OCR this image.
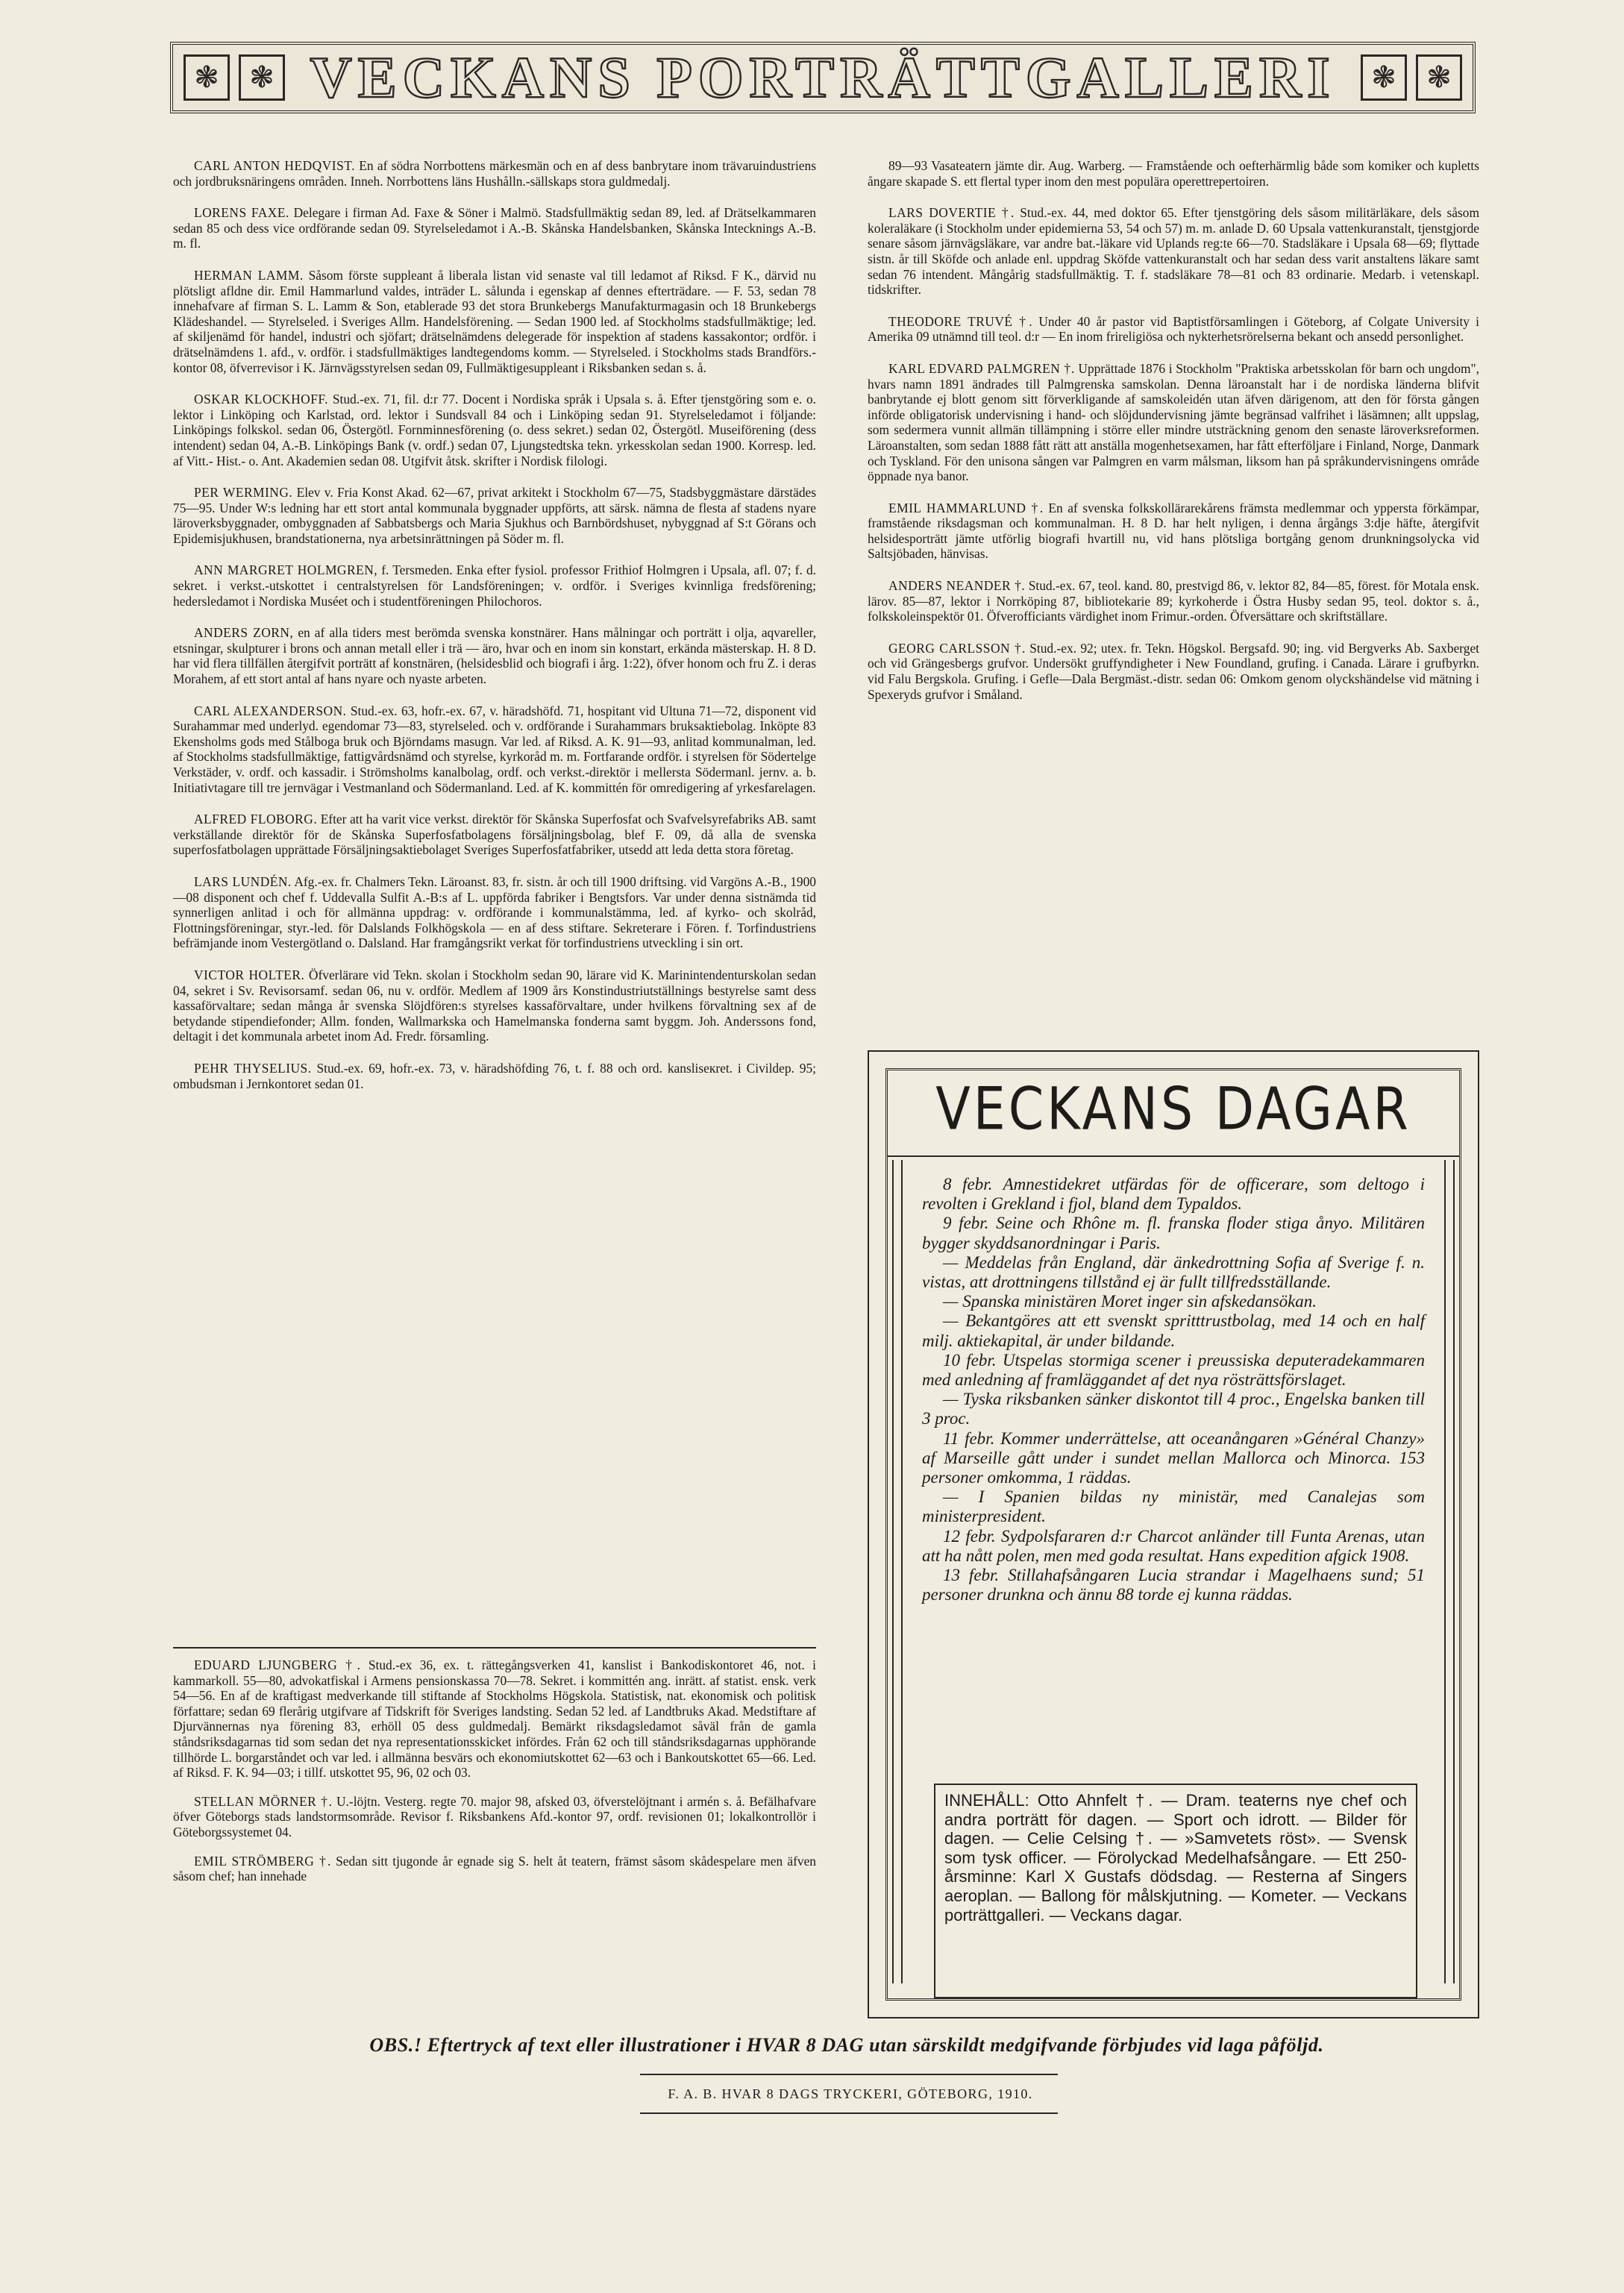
❃	❃ VECKANS PORTRÄTTGALLERI	❃	❃

CARL ANTON HEDQVIST. En af södra Norrbottens märkesmän och en af dess banbrytare inom trävaruindustriens och jordbruksnäringens områden. Inneh. Norrbottens läns Hushålln.-sällskaps stora guldmedalj.

LORENS FAXE. Delegare i firman Ad. Faxe & Söner i Malmö. Stadsfullmäktig sedan 89, led. af Drätselkammaren sedan 85 och dess vice ordförande sedan 09. Styrelseledamot i A.-B. Skånska Handelsbanken, Skånska Intecknings A.-B. m. fl.

HERMAN LAMM. Såsom förste suppleant å liberala listan vid senaste val till ledamot af Riksd. F K., därvid nu plötsligt afldne dir. Emil Hammarlund valdes, inträder L. sålunda i egenskap af dennes efterträdare. — F. 53, sedan 78 innehafvare af firman S. L. Lamm & Son, etablerade 93 det stora Brunkebergs Manufakturmagasin och 18 Brunkebergs Klädeshandel. — Styrelseled. i Sveriges Allm. Handelsförening. — Sedan 1900 led. af Stockholms stadsfullmäktige; led. af skiljenämd för handel, industri och sjöfart; drätselnämdens delegerade för inspektion af stadens kassakontor; ordför. i drätselnämdens 1. afd., v. ordför. i stadsfullmäktiges landtegendoms komm. — Styrelseled. i Stockholms stads Brandförs.-kontor 08, öfverrevisor i K. Järnvägsstyrelsen sedan 09, Fullmäktigesuppleant i Riksbanken sedan s. å.

OSKAR KLOCKHOFF. Stud.-ex. 71, fil. d:r 77. Docent i Nordiska språk i Upsala s. å. Efter tjenstgöring som e. o. lektor i Linköping och Karlstad, ord. lektor i Sundsvall 84 och i Linköping sedan 91. Styrelseledamot i följande: Linköpings folkskol. sedan 06, Östergötl. Fornminnesförening (o. dess sekret.) sedan 02, Östergötl. Museiförening (dess intendent) sedan 04, A.-B. Linköpings Bank (v. ordf.) sedan 07, Ljungstedtska tekn. yrkesskolan sedan 1900. Korresp. led. af Vitt.- Hist.- o. Ant. Akademien sedan 08. Utgifvit åtsk. skrifter i Nordisk filologi.

PER WERMING. Elev v. Fria Konst Akad. 62—67, privat arkitekt i Stockholm 67—75, Stadsbyggmästare därstädes 75—95. Under W:s ledning har ett stort antal kommunala byggnader uppförts, att särsk. nämna de flesta af stadens nyare läroverksbyggnader, ombyggnaden af Sabbatsbergs och Maria Sjukhus och Barnbördshuset, nybyggnad af S:t Görans och Epidemisjukhusen, brandstationerna, nya arbetsinrättningen på Söder m. fl.

ANN MARGRET HOLMGREN, f. Tersmeden. Enka efter fysiol. professor Frithiof Holmgren i Upsala, afl. 07; f. d. sekret. i verkst.-utskottet i centralstyrelsen för Landsföreningen; v. ordför. i Sveriges kvinnliga fredsförening; hedersledamot i Nordiska Muséet och i studentföreningen Philochoros.

ANDERS ZORN, en af alla tiders mest berömda svenska konstnärer. Hans målningar och porträtt i olja, aqvareller, etsningar, skulpturer i brons och annan metall eller i trä — äro, hvar och en inom sin konstart, erkända mästerskap. H. 8 D. har vid flera tillfällen återgifvit porträtt af konstnären, (helsidesblid och biografi i årg. 1:22), öfver honom och fru Z. i deras Morahem, af ett stort antal af hans nyare och nyaste arbeten.

CARL ALEXANDERSON. Stud.-ex. 63, hofr.-ex. 67, v. häradshöfd. 71, hospitant vid Ultuna 71—72, disponent vid Surahammar med underlyd. egendomar 73—83, styrelseled. och v. ordförande i Surahammars bruksaktiebolag. Inköpte 83 Ekensholms gods med Stålboga bruk och Björndams masugn. Var led. af Riksd. A. K. 91—93, anlitad kommunalman, led. af Stockholms stadsfullmäktige, fattigvårdsnämd och styrelse, kyrkoråd m. m. Fortfarande ordför. i styrelsen för Södertelge Verkstäder, v. ordf. och kassadir. i Strömsholms kanalbolag, ordf. och verkst.-direktör i mellersta Södermanl. jernv. a. b. Initiativtagare till tre jernvägar i Vestmanland och Södermanland. Led. af K. kommittén för omredigering af yrkesfarelagen.

ALFRED FLOBORG. Efter att ha varit vice verkst. direktör för Skånska Superfosfat och Svafvelsyrefabriks AB. samt verkställande direktör för de Skånska Superfosfatbolagens försäljningsbolag, blef F. 09, då alla de svenska superfosfatbolagen upprättade Försäljningsaktiebolaget Sveriges Superfosfatfabriker, utsedd att leda detta stora företag.

LARS LUNDÉN. Afg.-ex. fr. Chalmers Tekn. Läroanst. 83, fr. sistn. år och till 1900 driftsing. vid Vargöns A.-B., 1900—08 disponent och chef f. Uddevalla Sulfit A.-B:s af L. uppförda fabriker i Bengtsfors. Var under denna sistnämda tid synnerligen anlitad i och för allmänna uppdrag: v. ordförande i kommunalstämma, led. af kyrko- och skolråd, Flottningsföreningar, styr.-led. för Dalslands Folkhögskola — en af dess stiftare. Sekreterare i Fören. f. Torfindustriens befrämjande inom Vestergötland o. Dalsland. Har framgångsrikt verkat för torfindustriens utveckling i sin ort.

VICTOR HOLTER. Öfverlärare vid Tekn. skolan i Stockholm sedan 90, lärare vid K. Marinintendenturskolan sedan 04, sekret i Sv. Revisorsamf. sedan 06, nu v. ordför. Medlem af 1909 års Konstindustriutställnings bestyrelse samt dess kassaförvaltare; sedan många år svenska Slöjdfören:s styrelses kassaförvaltare, under hvilkens förvaltning sex af de betydande stipendiefonder; Allm. fonden, Wallmarkska och Hamelmanska fonderna samt byggm. Joh. Anderssons fond, deltagit i det kommunala arbetet inom Ad. Fredr. församling.

PEHR THYSELIUS. Stud.-ex. 69, hofr.-ex. 73, v. häradshöfding 76, t. f. 88 och ord. kansliseкret. i Civildep. 95; ombudsman i Jernkontoret sedan 01.

EDUARD LJUNGBERG †. Stud.-ex 36, ex. t. rättegångsverken 41, kanslist i Bankodiskontoret 46, not. i kammarkoll. 55—80, advokatfiskal i Armens pensionskassa 70—78. Sekret. i kommittén ang. inrätt. af statist. ensk. verk 54—56. En af de kraftigast medverkande till stiftande af Stockholms Högskola. Statistisk, nat. ekonomisk och politisk författare; sedan 69 flerårig utgifvare af Tidskrift för Sveriges landsting. Sedan 52 led. af Landtbruks Akad. Medstiftare af Djurvännernas nya förening 83, erhöll 05 dess guldmedalj. Bemärkt riksdagsledamot såväl från de gamla ståndsriksdagarnas tid som sedan det nya representationsskicket infördes. Från 62 och till ståndsriksdagarnas upphörande tillhörde L. borgarståndet och var led. i allmänna besvärs och ekonomiutskottet 62—63 och i Bankoutskottet 65—66. Led. af Riksd. F. K. 94—03; i tillf. utskottet 95, 96, 02 och 03.

STELLAN MÖRNER †. U.-löjtn. Vesterg. regte 70. major 98, afsked 03, öfverstelöjtnant i armén s. å. Befälhafvare öfver Göteborgs stads landstormsområde. Revisor f. Riksbankens Afd.-kontor 97, ordf. revisionen 01; lokalkontrollör i Göteborgssystemet 04.

EMIL STRÖMBERG †. Sedan sitt tjugonde år egnade sig S. helt åt teatern, främst såsom skådespelare men äfven såsom chef; han innehade

89—93 Vasateatern jämte dir. Aug. Warberg. — Framstående och oefterhärmlig både som komiker och kupletts​ångare skapade S. ett flertal typer inom den mest populära operettrepertoiren.

LARS DOVERTIE †. Stud.-ex. 44, med doktor 65. Efter tjenstgöring dels såsom militärläkare, dels såsom koleraläkare (i Stockholm under epidemierna 53, 54 och 57) m. m. anlade D. 60 Upsala vattenkuranstalt, tjenstgjorde senare såsom järnvägsläkare, var andre bat.-läkare vid Uplands reg:te 66—70. Stadsläkare i Upsala 68—69; flyttade sistn. år till Sköfde och anlade enl. uppdrag Sköfde vattenkuranstalt och har sedan dess varit anstaltens läkare samt sedan 76 intendent. Mångårig stadsfullmäktig. T. f. stadsläkare 78—81 och 83 ordinarie. Medarb. i vetenskapl. tidskrifter.

THEODORE TRUVÉ †. Under 40 år pastor vid Baptistförsamlingen i Göteborg, af Colgate University i Amerika 09 utnämnd till teol. d:r — En inom frireligiösa och nykterhetsrörelserna bekant och ansedd personlighet.

KARL EDVARD PALMGREN †. Upprättade 1876 i Stockholm "Praktiska arbetsskolan för barn och ungdom", hvars namn 1891 ändrades till Palmgrenska samskolan. Denna läroanstalt har i de nordiska länderna blifvit banbrytande ej blott genom sitt förverkligande af samskoleidén utan äfven därigenom, att den för första gången införde obligatorisk undervisning i hand- och slöjdundervisning jämte begränsad valfrihet i läsämnen; allt uppslag, som sedermera vunnit allmän tillämpning i större eller mindre utsträckning genom den senaste läroverksreformen. Läroanstalten, som sedan 1888 fått rätt att anställa mogenhetsexamen, har fått efterföljare i Finland, Norge, Danmark och Tyskland. För den unisona sången var Palmgren en varm målsman, liksom han på språkundervisningens område öppnade nya banor.

EMIL HAMMARLUND †. En af svenska folkskollärarekårens främsta medlemmar och yppersta förkämpar, framstående riksdagsman och kommunalman. H. 8 D. har helt nyligen, i denna årgångs 3:dje häfte, återgifvit helsidesporträtt jämte utförlig biografi hvartill nu, vid hans plötsliga bortgång genom drunkningsolycka vid Saltsjöbaden, hänvisas.

ANDERS NEANDER †. Stud.-ex. 67, teol. kand. 80, prestvigd 86, v. lektor 82, 84—85, förest. för Motala ensk. lärov. 85—87, lektor i Norrköping 87, bibliotekarie 89; kyrkoherde i Östra Husby sedan 95, teol. doktor s. å., folkskoleinspektör 01. Öfverofficiants värdighet inom Frimur.-orden. Öfversättare och skriftställare.

GEORG CARLSSON †. Stud.-ex. 92; utex. fr. Tekn. Högskol. Bergsafd. 90; ing. vid Bergverks Ab. Saxberget och vid Grängesbergs grufvor. Undersökt gruffyndigheter i New Foundland, grufing. i Canada. Lärare i grufbyrkn. vid Falu Bergskola. Grufing. i Gefle—Dala Bergmäst.-distr. sedan 06: Omkom genom olyckshändelse vid mätning i Spexeryds grufvor i Småland.

VECKANS DAGAR

8 febr. Amnestidekret utfärdas för de officerare, som deltogo i revolten i Grekland i fjol, bland dem Typaldos.

9 febr. Seine och Rhône m. fl. franska floder stiga ånyo. Militären bygger skyddsanordningar i Paris.

— Meddelas från England, där änkedrottning Sofia af Sverige f. n. vistas, att drottningens tillstånd ej är fullt tillfredsställande.

— Spanska ministären Moret inger sin afskedansökan.

— Bekantgöres att ett svenskt spritttrustbolag, med 14 och en half milj. aktiekapital, är under bildande.

10 febr. Utspelas stormiga scener i preussiska deputeradekammaren med anledning af framläggandet af det nya rösträttsförslaget.

— Tyska riksbanken sänker diskontot till 4 proc., Engelska banken till 3 proc.

11 febr. Kommer underrättelse, att oceanångaren »Général Chanzy» af Marseille gått under i sundet mellan Mallorca och Minorca. 153 personer omkomma, 1 räddas.

— I Spanien bildas ny ministär, med Canalejas som ministerpresident.

12 febr. Sydpolsfararen d:r Charcot anländer till Funta Arenas, utan att ha nått polen, men med goda resultat. Hans expedition afgick 1908.

13 febr. Stillahafsångaren Lucia strandar i Magelhaens sund; 51 personer drunkna och ännu 88 torde ej kunna räddas.

INNEHÅLL: Otto Ahnfelt †. — Dram. teaterns nye chef och andra porträtt för dagen. — Sport och idrott. — Bilder för dagen. — Celie Celsing †. — »Samvetets röst». — Svensk som tysk officer. — Förolyckad Medelhafsångare. — Ett 250-årsminne: Karl X Gustafs dödsdag. — Resterna af Singers aeroplan. — Ballong för målskjutning. — Kometer. — Veckans porträttgalleri. — Veckans dagar.
OBS.! Eftertryck af text eller illustrationer i HVAR 8 DAG utan särskildt medgifvande förbjudes vid laga påföljd.
F. A. B. HVAR 8 DAGS TRYCKERI, GÖTEBORG, 1910.
